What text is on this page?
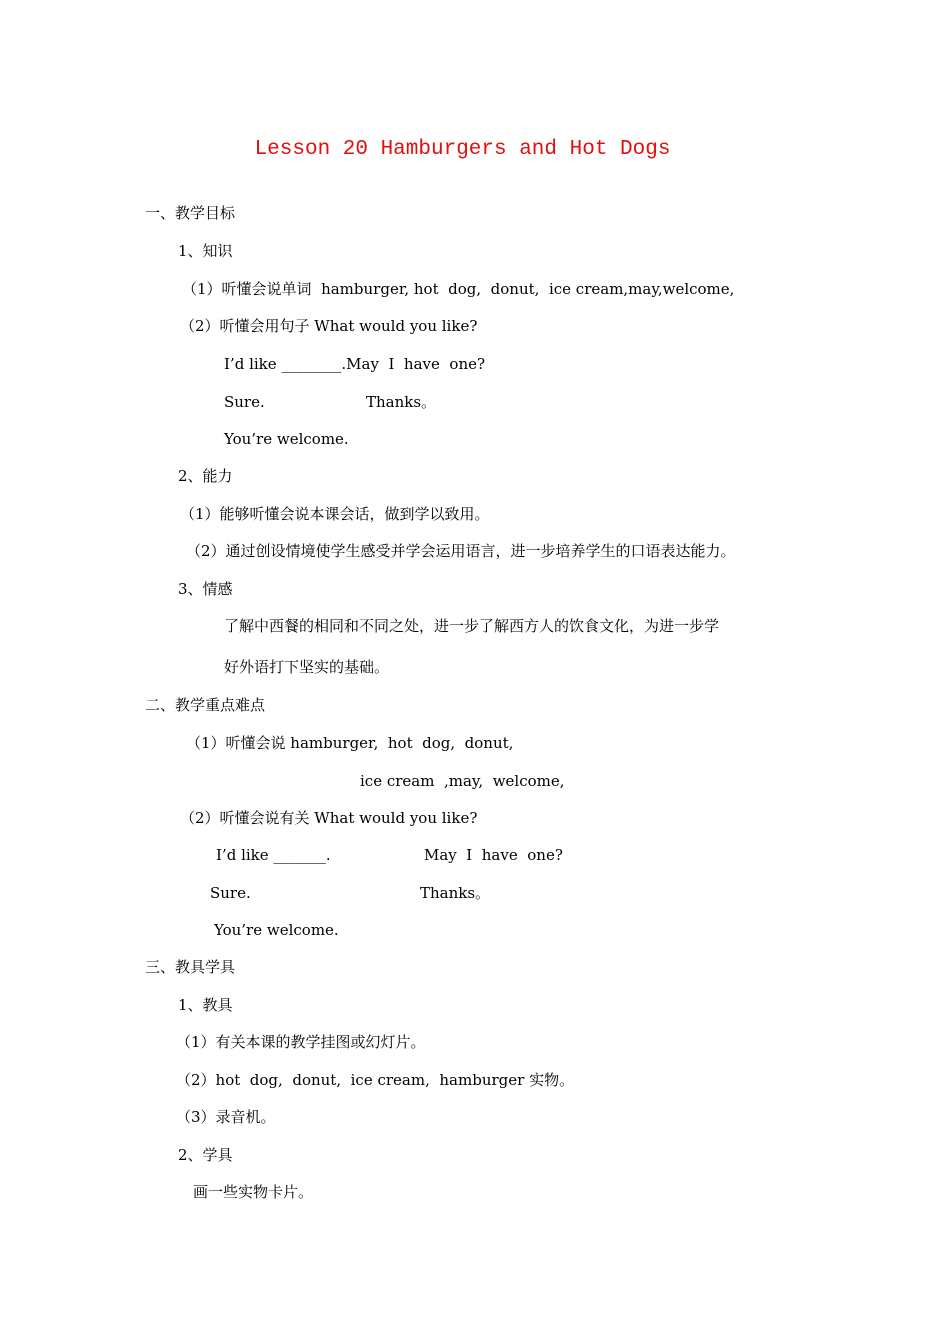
Lesson 20 Hamburgers and Hot Dogs
一、教学目标
1、知识
（1）听懂会说单词  hamburger, hot  dog,  donut,  ice cream,may,welcome,
（2）听懂会用句子 What would you like?
I’d like ________.May  I  have  one?
Sure.	Thanks。
You’re welcome.
2、能力
（1）能够听懂会说本课会话，做到学以致用。
（2）通过创设情境使学生感受并学会运用语言，进一步培养学生的口语表达能力。
3、情感
了解中西餐的相同和不同之处，进一步了解西方人的饮食文化，为进一步学
好外语打下坚实的基础。
二、教学重点难点
（1）听懂会说 hamburger,  hot  dog,  donut,
ice cream  ,may,  welcome,
（2）听懂会说有关 What would you like?
I’d like _______.	May  I  have  one?
Sure.	Thanks。
You’re welcome.
三、教具学具
1、教具
（1）有关本课的教学挂图或幻灯片。
（2）hot  dog,  donut,  ice cream,  hamburger 实物。
（3）录音机。
2、学具
画一些实物卡片。
